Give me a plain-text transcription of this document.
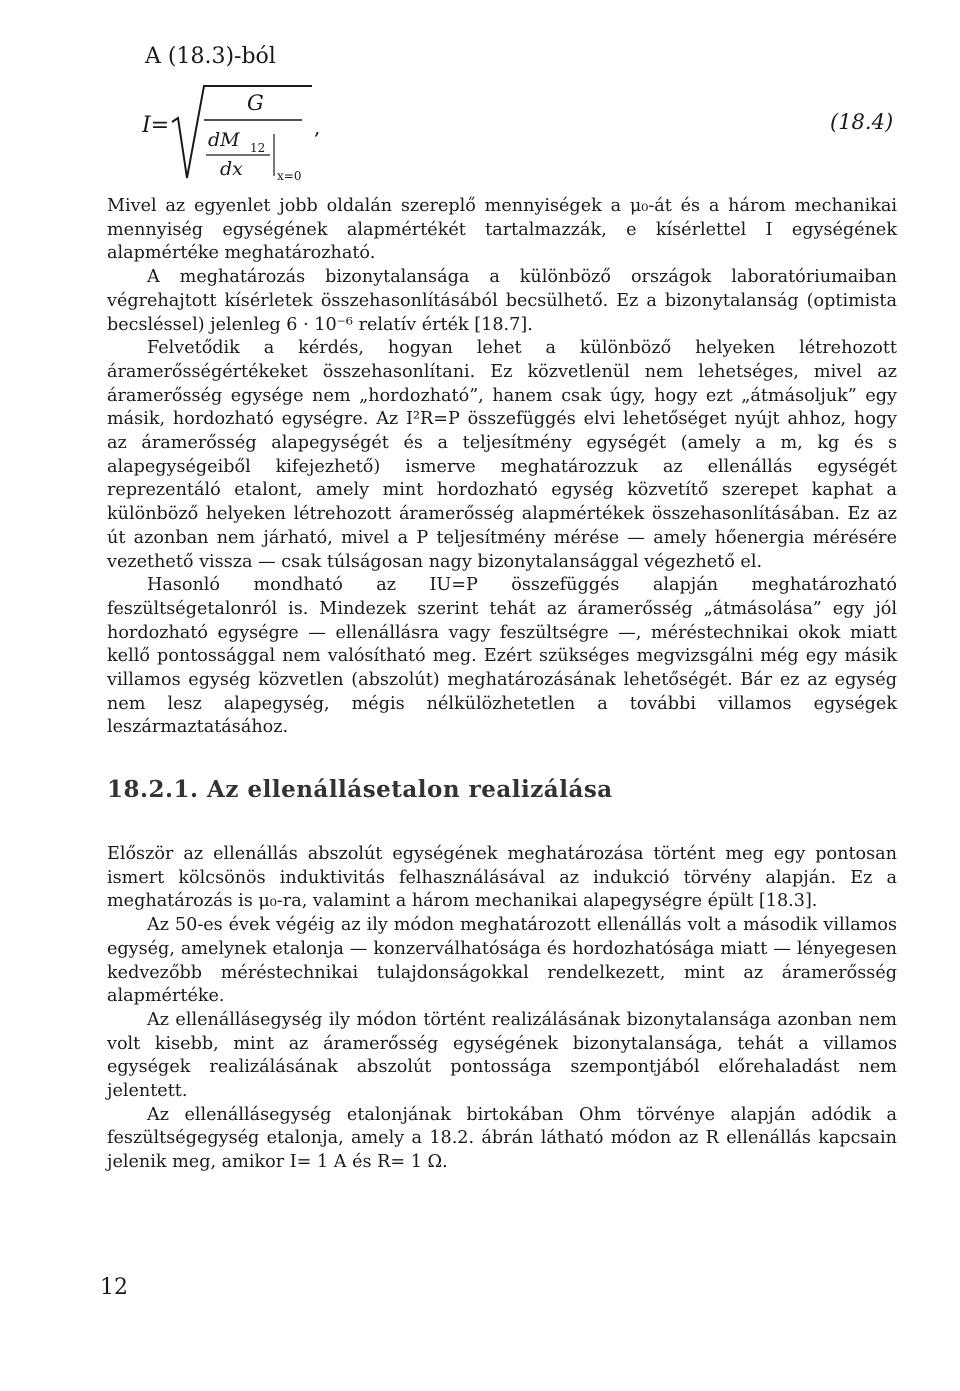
A (18.3)-ból
I=
G
dM 12
dx	x=0
,	(18.4)

Mivel az egyenlet jobb oldalán szereplő mennyiségek a μ₀-át és a három mechanikai mennyiség egységének alapmértékét tartalmazzák, e kísérlettel I egységének alapmértéke meghatározható.

A meghatározás bizonytalansága a különböző országok laboratóriumaiban végrehajtott kísérletek összehasonlításából becsülhető. Ez a bizonytalanság (optimista becsléssel) jelenleg 6 · 10⁻⁶ relatív érték [18.7].

Felvetődik a kérdés, hogyan lehet a különböző helyeken létrehozott áramerősségértékeket összehasonlítani. Ez közvetlenül nem lehetséges, mivel az áramerősség egysége nem „hordozható”, hanem csak úgy, hogy ezt „átmásoljuk” egy másik, hordozható egységre. Az I²R=P összefüggés elvi lehetőséget nyújt ahhoz, hogy az áramerősség alapegységét és a teljesítmény egységét (amely a m, kg és s alapegységeiből kifejezhető) ismerve meghatározzuk az ellenállás egységét reprezentáló etalont, amely mint hordozható egység közvetítő szerepet kaphat a különböző helyeken létrehozott áramerősség alapmértékek összehasonlításában. Ez az út azonban nem járható, mivel a P teljesítmény mérése — amely hőenergia mérésére vezethető vissza — csak túlságosan nagy bizonytalansággal végezhető el.

Hasonló mondható az IU=P összefüggés alapján meghatározható feszültségetalonról is. Mindezek szerint tehát az áramerősség „átmásolása” egy jól hordozható egységre — ellenállásra vagy feszültségre —, méréstechnikai okok miatt kellő pontossággal nem valósítható meg. Ezért szükséges megvizsgálni még egy másik villamos egység közvetlen (abszolút) meghatározásának lehetőségét. Bár ez az egység nem lesz alapegység, mégis nélkülözhetetlen a további villamos egységek leszármaztatásához.

18.2.1. Az ellenállásetalon realizálása

Először az ellenállás abszolút egységének meghatározása történt meg egy pontosan ismert kölcsönös induktivitás felhasználásával az indukció törvény alapján. Ez a meghatározás is μ₀-ra, valamint a három mechanikai alapegységre épült [18.3].

Az 50-es évek végéig az ily módon meghatározott ellenállás volt a második villamos egység, amelynek etalonja — konzerválhatósága és hordozhatósága miatt — lényegesen kedvezőbb méréstechnikai tulajdonságokkal rendelkezett, mint az áramerősség alapmértéke.

Az ellenállásegység ily módon történt realizálásának bizonytalansága azonban nem volt kisebb, mint az áramerősség egységének bizonytalansága, tehát a villamos egységek realizálásának abszolút pontossága szempontjából előrehaladást nem jelentett.

Az ellenállásegység etalonjának birtokában Ohm törvénye alapján adódik a feszültségegység etalonja, amely a 18.2. ábrán látható módon az R ellenállás kapcsain jelenik meg, amikor I= 1 A és R= 1 Ω.

12
